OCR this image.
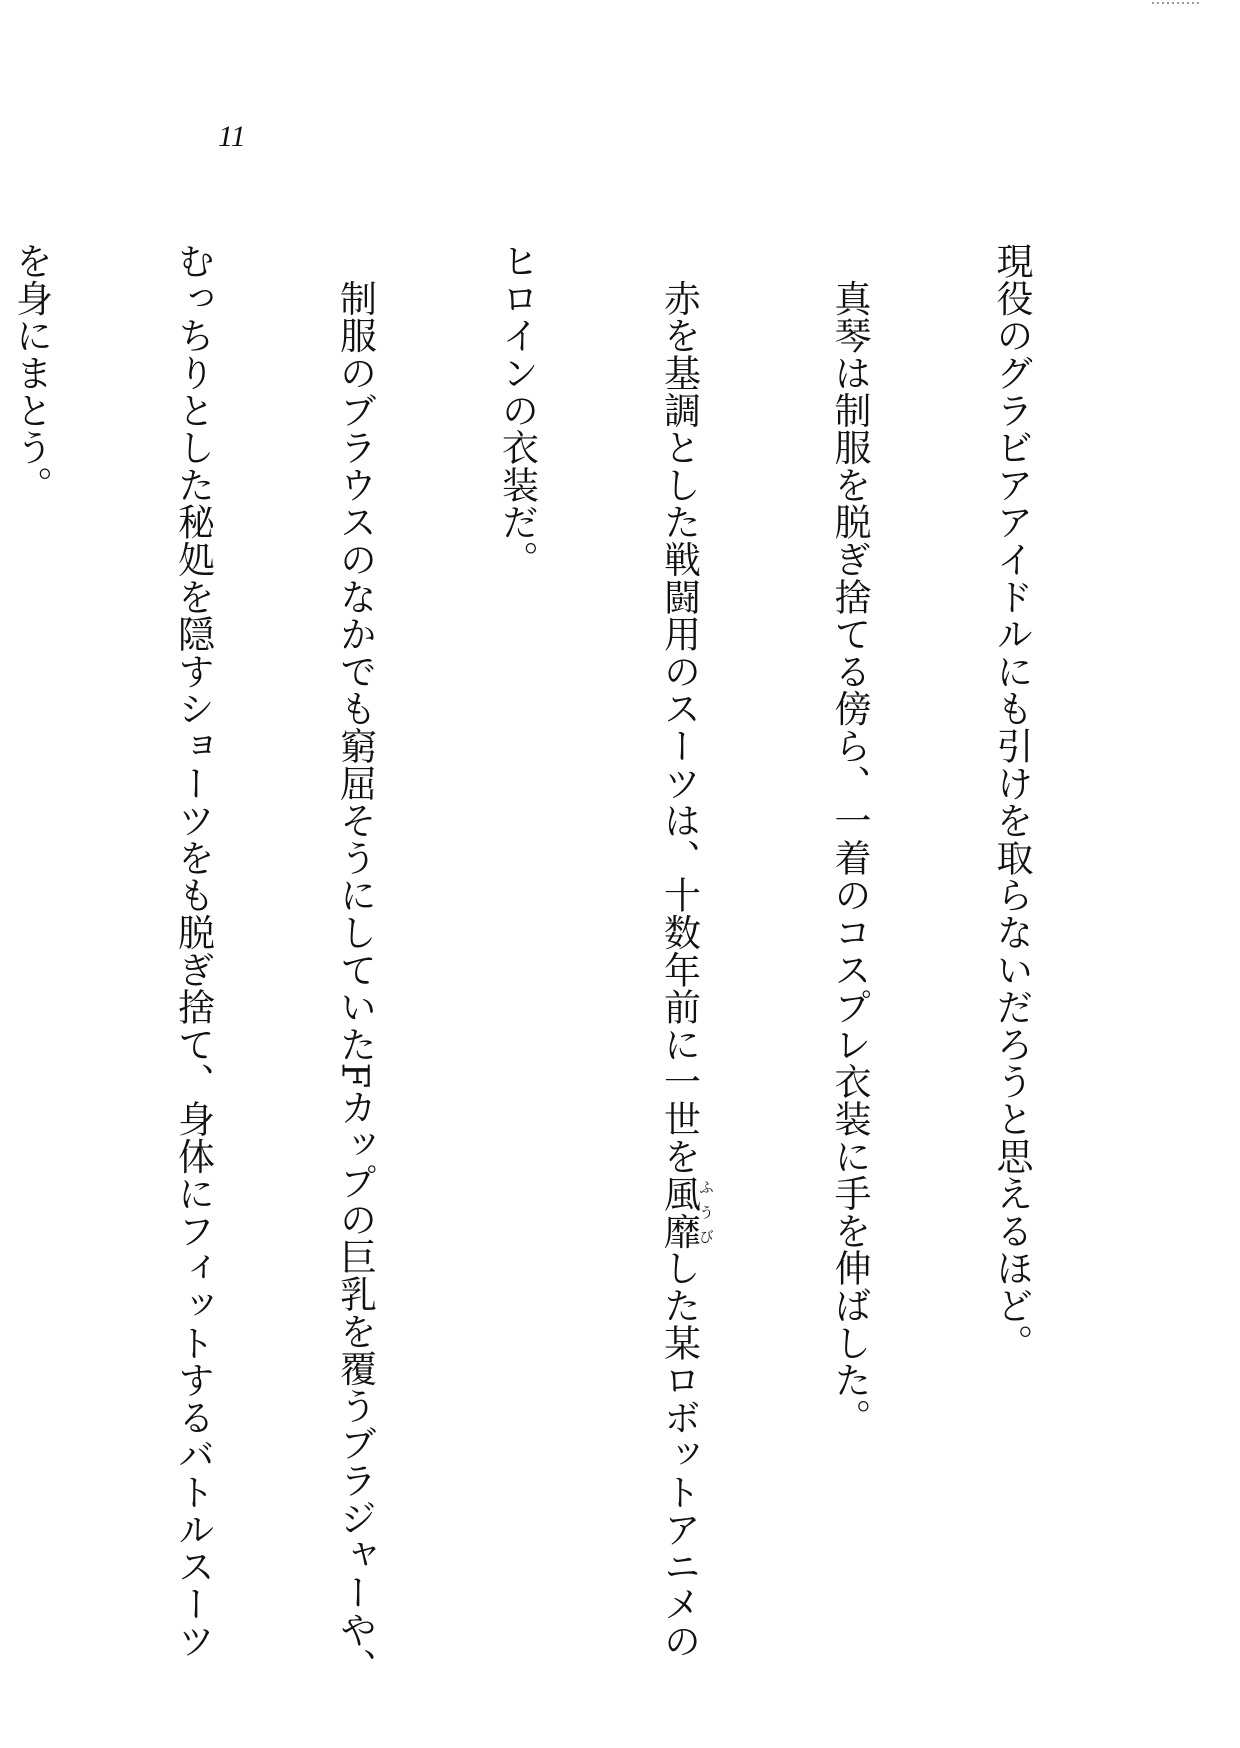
11

現役のグラビアアイドルにも引けを取らないだろうと思えるほど。

　真琴は制服を脱ぎ捨てる傍ら、一着のコスプレ衣装に手を伸ばした。

　赤を基調とした戦闘用のスーツは、十数年前に一世を風靡ふうびした某ロボットアニメの

ヒロインの衣装だ。

　制服のブラウスのなかでも窮屈そうにしていたFカップの巨乳を覆うブラジャーや、

むっちりとした秘処を隠すショーツをも脱ぎ捨て、身体にフィットするバトルスーツ

を身にまとう。
